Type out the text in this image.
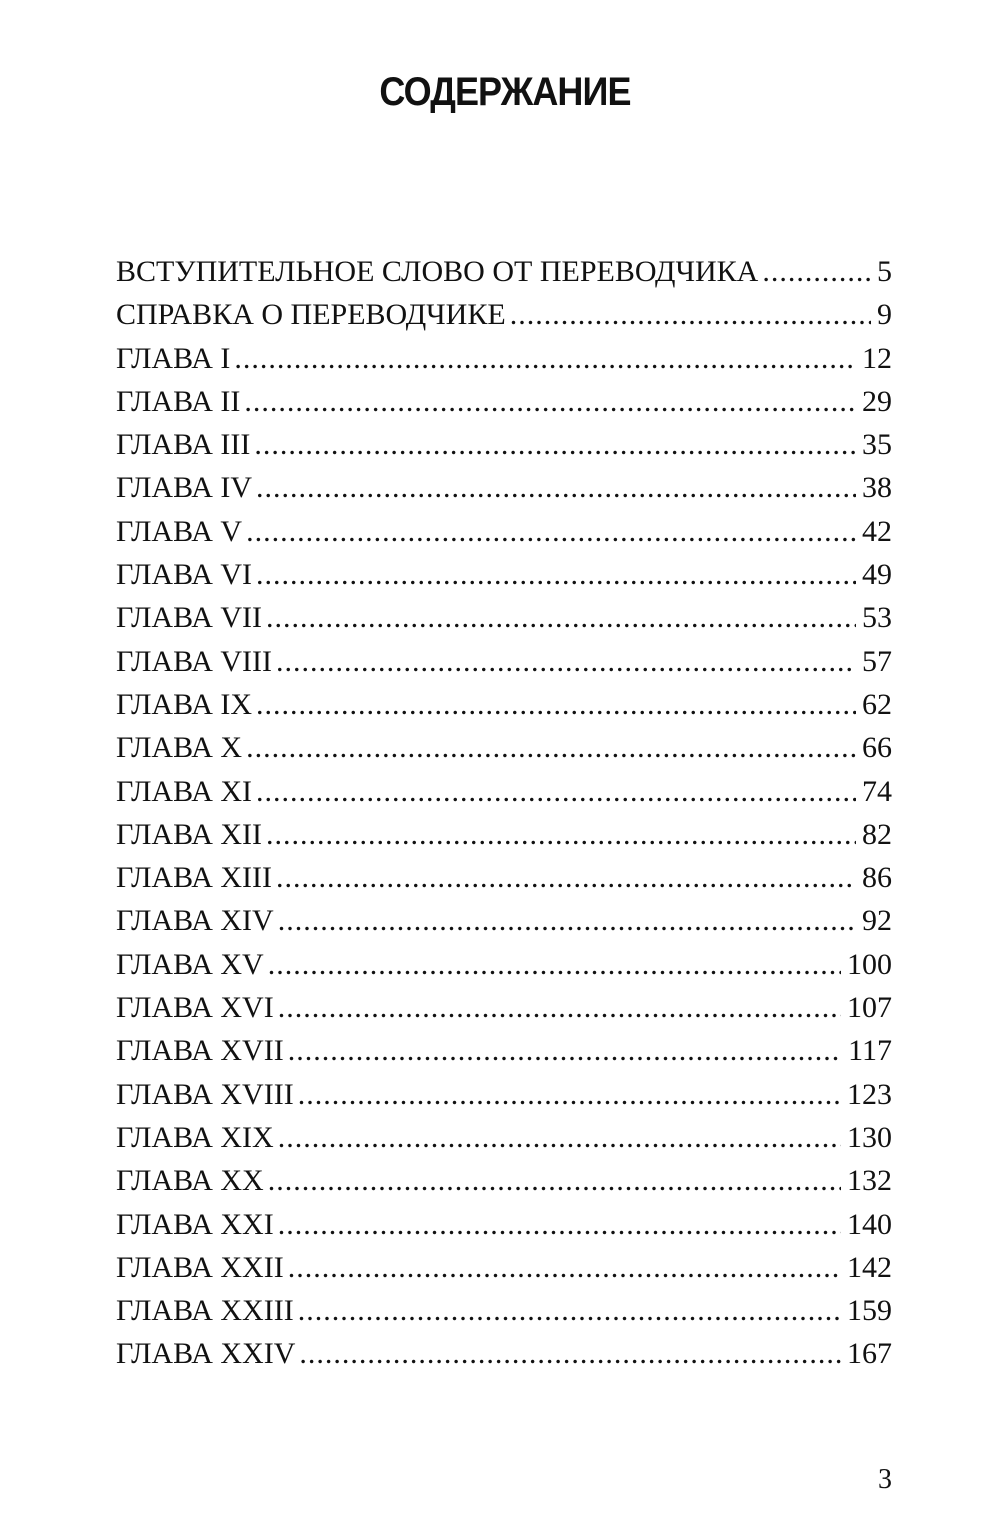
СОДЕРЖАНИЕ
ВСТУПИТЕЛЬНОЕ СЛОВО ОТ ПЕРЕВОДЧИКА .....	5
СПРАВКА О ПЕРЕВОДЧИКЕ .....	9
ГЛАВА I .....	12
ГЛАВА II .....	29
ГЛАВА III .....	35
ГЛАВА IV .....	38
ГЛАВА V .....	42
ГЛАВА VI .....	49
ГЛАВА VII .....	53
ГЛАВА VIII .....	57
ГЛАВА IX .....	62
ГЛАВА X .....	66
ГЛАВА XI .....	74
ГЛАВА XII .....	82
ГЛАВА XIII .....	86
ГЛАВА XIV .....	92
ГЛАВА XV .....	100
ГЛАВА XVI .....	107
ГЛАВА XVII .....	117
ГЛАВА XVIII .....	123
ГЛАВА XIX .....	130
ГЛАВА XX .....	132
ГЛАВА XXI .....	140
ГЛАВА XXII .....	142
ГЛАВА XXIII .....	159
ГЛАВА XXIV .....	167
3
